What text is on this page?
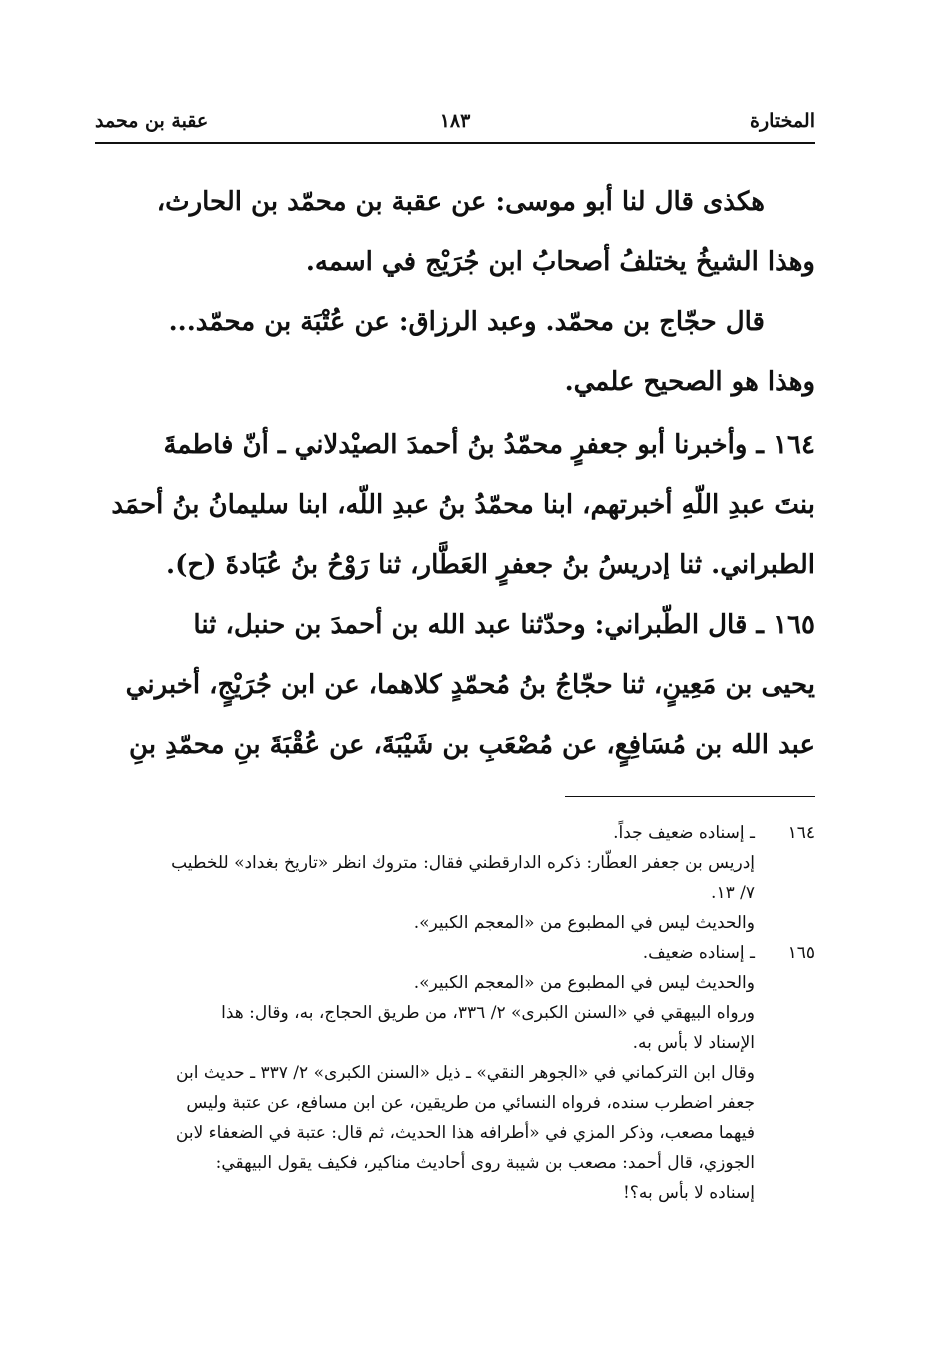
المختارة
١٨٣
عقبة بن محمد
هكذى قال لنا أبو موسى: عن عقبة بن محمّد بن الحارث،
وهذا الشيخُ يختلفُ أصحابُ ابن جُرَيْج في اسمه.
قال حجّاج بن محمّد. وعبد الرزاق: عن عُتْبَة بن محمّد...
وهذا هو الصحيح علمي.
١٦٤ ـ وأخبرنا أبو جعفرٍ محمّدُ بنُ أحمدَ الصيْدلاني ـ أنّ فاطمةَ
بنتَ عبدِ اللّهِ أخبرتهم، ابنا محمّدُ بنُ عبدِ اللّه، ابنا سليمانُ بنُ أحمَد
الطبراني. ثنا إدريسُ بنُ جعفرٍ العَطَّار، ثنا رَوْحُ بنُ عُبَادةَ (ح).
١٦٥ ـ قال الطّبراني: وحدّثنا عبد الله بن أحمدَ بن حنبل، ثنا
يحيى بن مَعِينٍ، ثنا حجّاجُ بنُ مُحمّدٍ كلاهما، عن ابن جُرَيْجٍ، أخبرني
عبد الله بن مُسَافِعٍ، عن مُصْعَبِ بن شَيْبَةَ، عن عُقْبَةَ بنِ محمّدِ بنِ
١٦٤
ـ إسناده ضعيف جداً.
إدريس بن جعفر العطّار: ذكره الدارقطني فقال: متروك انظر «تاريخ بغداد» للخطيب
٧/ ١٣.
والحديث ليس في المطبوع من «المعجم الكبير».
١٦٥
ـ إسناده ضعيف.
والحديث ليس في المطبوع من «المعجم الكبير».
ورواه البيهقي في «السنن الكبرى» ٢/ ٣٣٦، من طريق الحجاج، به، وقال: هذا
الإسناد لا بأس به.
وقال ابن التركماني في «الجوهر النقي» ـ ذيل «السنن الكبرى» ٢/ ٣٣٧ ـ حديث ابن
جعفر اضطرب سنده، فرواه النسائي من طريقين، عن ابن مسافع، عن عتبة وليس
فيهما مصعب، وذكر المزي في «أطرافه هذا الحديث، ثم قال: عتبة في الضعفاء لابن
الجوزي، قال أحمد: مصعب بن شيبة روى أحاديث مناكير، فكيف يقول البيهقي:
إسناده لا بأس به؟!
